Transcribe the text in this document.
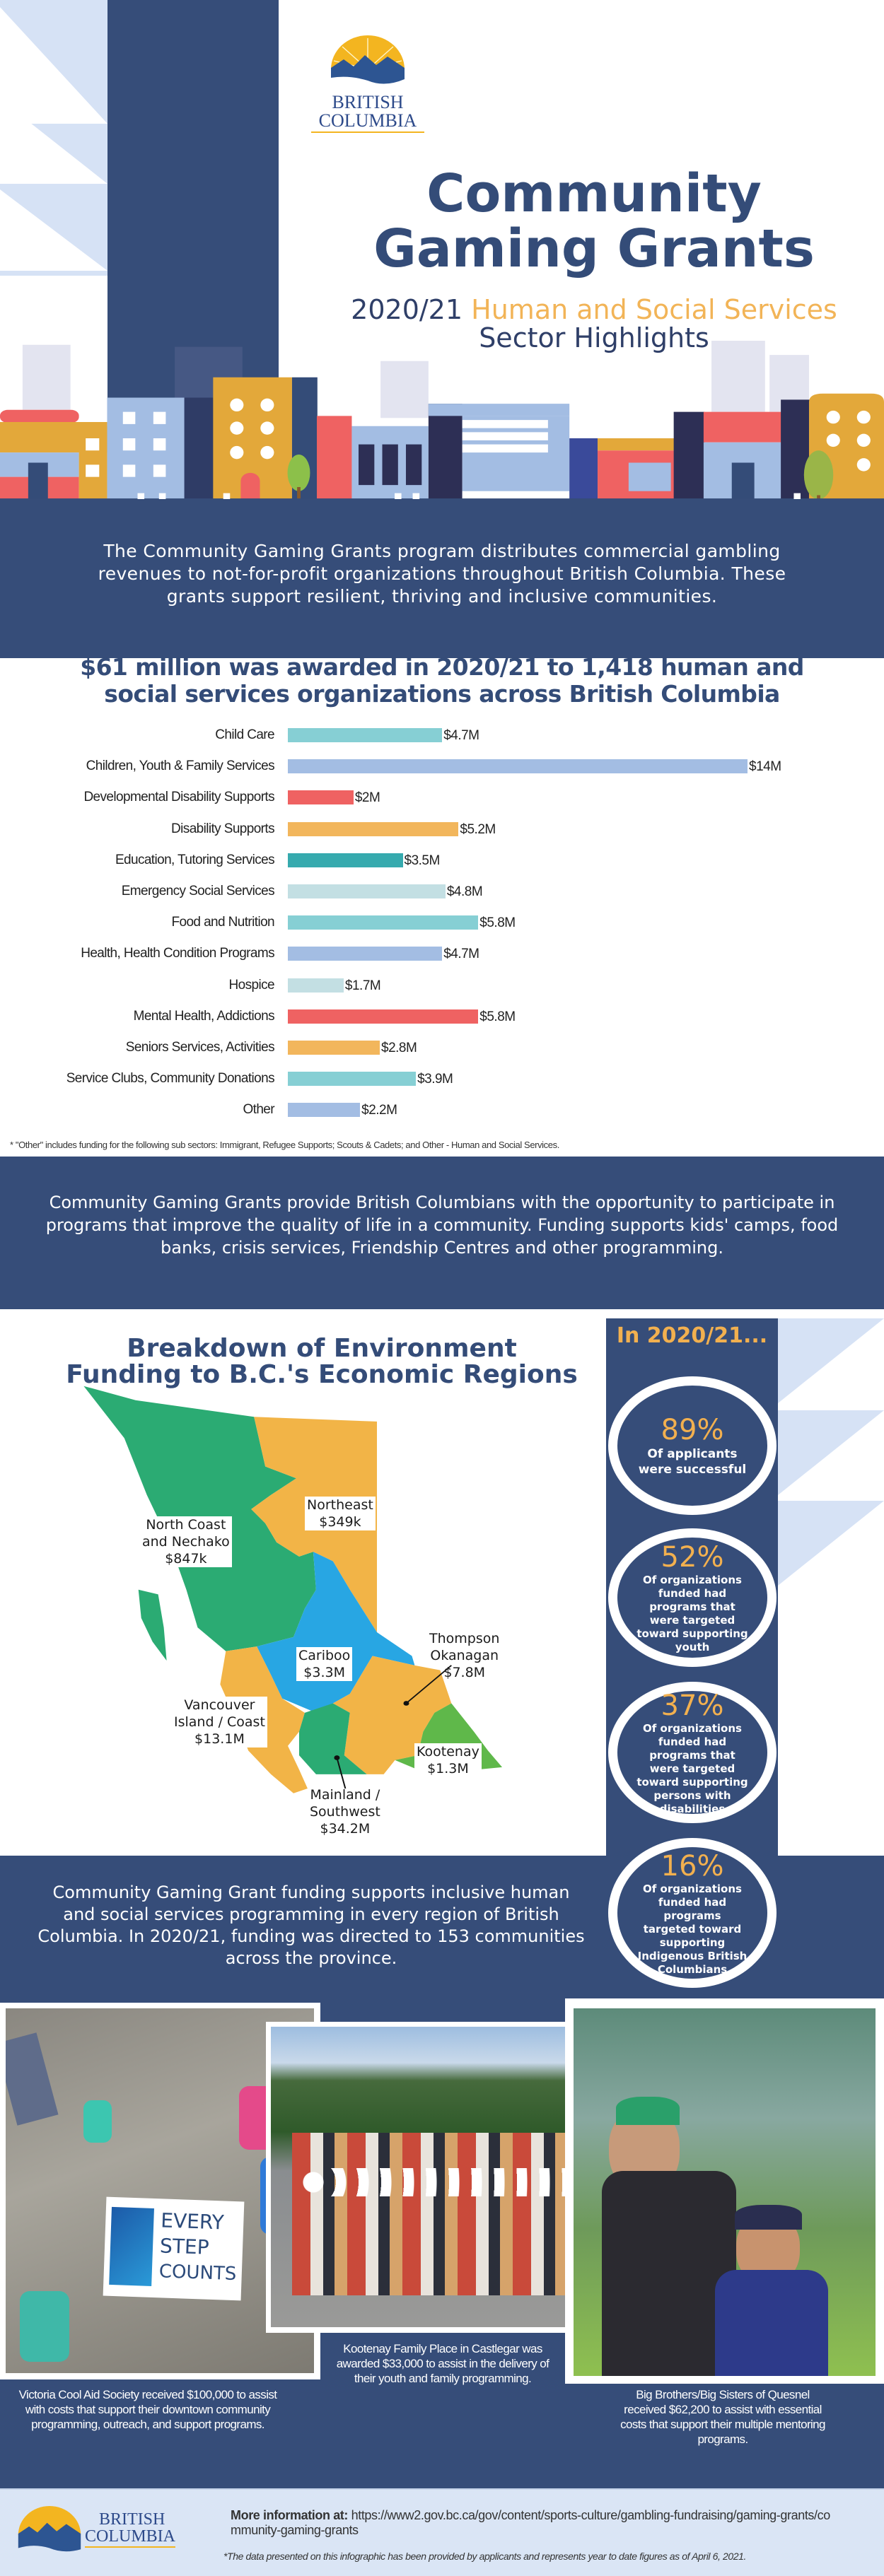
BRITISH
COLUMBIA
Community
Gaming Grants
2020/21 Human and Social Services
Sector Highlights
The Community Gaming Grants program distributes commercial gambling revenues to not-for-profit organizations throughout British Columbia. These grants support resilient, thriving and inclusive communities.
$61 million was awarded in 2020/21 to 1,418 human and social services organizations across British Columbia
Child Care	$4.7M
Children, Youth & Family Services	$14M
Developmental Disability Supports	$2M
Disability Supports	$5.2M
Education, Tutoring Services	$3.5M
Emergency Social Services	$4.8M
Food and Nutrition	$5.8M
Health, Health Condition Programs	$4.7M
Hospice	$1.7M
Mental Health, Addictions	$5.8M
Seniors Services, Activities	$2.8M
Service Clubs, Community Donations	$3.9M
Other	$2.2M
* "Other" includes funding for the following sub sectors: Immigrant, Refugee Supports; Scouts & Cadets; and Other - Human and Social Services.
Community Gaming Grants provide British Columbians with the opportunity to participate in programs that improve the quality of life in a community. Funding supports kids' camps, food banks, crisis services, Friendship Centres and other programming.
Breakdown of Environment
Funding to B.C.'s Economic Regions
Northeast
$349k
North Coast
and Nechako
$847k
Cariboo
$3.3M
Thompson
Okanagan
$7.8M
Vancouver
Island / Coast
$13.1M
Kootenay
$1.3M
Mainland /
Southwest
$34.2M
Community Gaming Grant funding supports inclusive human and social services programming in every region of British Columbia. In 2020/21, funding was directed to 153 communities across the province.
In 2020/21...
89%
Of applicants were successful
52%
Of organizations funded had programs that were targeted toward supporting youth
37%
Of organizations funded had programs that were targeted toward supporting persons with disabilities
16%
Of organizations funded had programs targeted toward supporting Indigenous British Columbians
EVERY
STEP
COUNTS
Victoria Cool Aid Society received $100,000 to assist with costs that support their downtown community programming, outreach, and support programs.
Kootenay Family Place in Castlegar was awarded $33,000 to assist in the delivery of their youth and family programming.
Big Brothers/Big Sisters of Quesnel received $62,200 to assist with essential costs that support their multiple mentoring programs.
BRITISH
COLUMBIA
More information at: https://www2.gov.bc.ca/gov/content/sports-culture/gambling-fundraising/gaming-grants/community-gaming-grants
*The data presented on this infographic has been provided by applicants and represents year to date figures as of April 6, 2021.
